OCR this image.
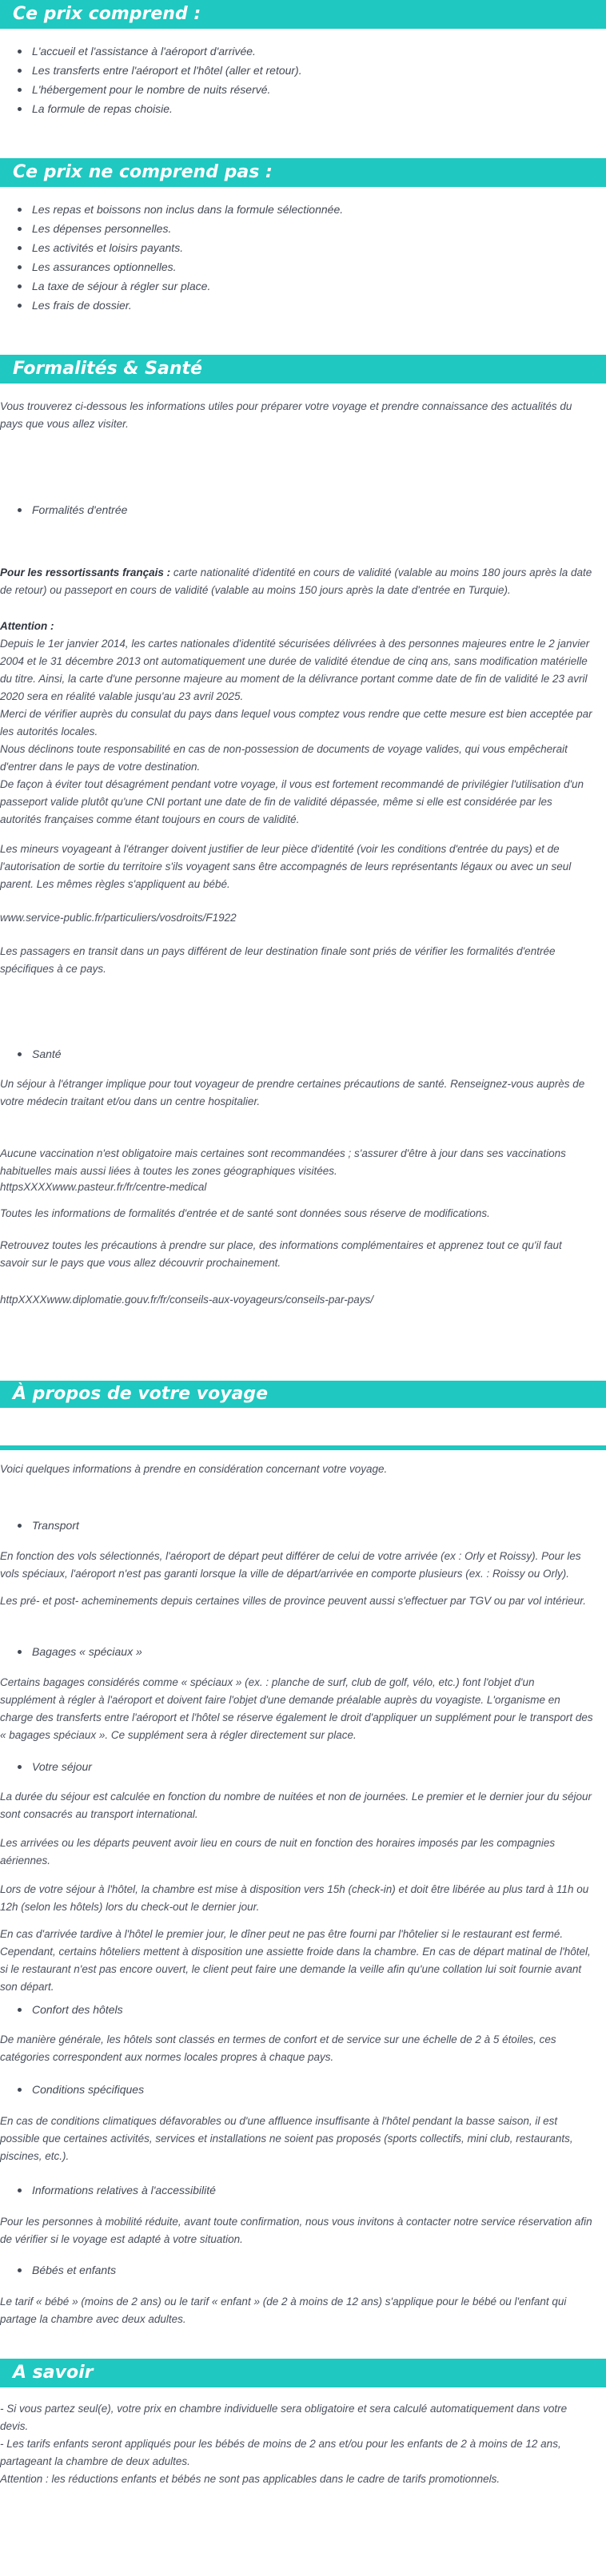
Ce prix comprend :
L'accueil et l'assistance à l'aéroport d'arrivée.
Les transferts entre l'aéroport et l'hôtel (aller et retour).
L'hébergement pour le nombre de nuits réservé.
La formule de repas choisie.
Ce prix ne comprend pas :
Les repas et boissons non inclus dans la formule sélectionnée.
Les dépenses personnelles.
Les activités et loisirs payants.
Les assurances optionnelles.
La taxe de séjour à régler sur place.
Les frais de dossier.
Formalités & Santé

Vous trouverez ci-dessous les informations utiles pour préparer votre voyage et prendre connaissance des actualités du pays que vous allez visiter.

Formalités d'entrée

Pour les ressortissants français : carte nationalité d'identité en cours de validité (valable au moins 180 jours après la date de retour) ou passeport en cours de validité (valable au moins 150 jours après la date d'entrée en Turquie).

Attention :
Depuis le 1er janvier 2014, les cartes nationales d'identité sécurisées délivrées à des personnes majeures entre le 2 janvier 2004 et le 31 décembre 2013 ont automatiquement une durée de validité étendue de cinq ans, sans modification matérielle du titre. Ainsi, la carte d'une personne majeure au moment de la délivrance portant comme date de fin de validité le 23 avril 2020 sera en réalité valable jusqu'au 23 avril 2025.
Merci de vérifier auprès du consulat du pays dans lequel vous comptez vous rendre que cette mesure est bien acceptée par les autorités locales.
Nous déclinons toute responsabilité en cas de non-possession de documents de voyage valides, qui vous empêcherait d'entrer dans le pays de votre destination.
De façon à éviter tout désagrément pendant votre voyage, il vous est fortement recommandé de privilégier l'utilisation d'un passeport valide plutôt qu'une CNI portant une date de fin de validité dépassée, même si elle est considérée par les autorités françaises comme étant toujours en cours de validité.

Les mineurs voyageant à l'étranger doivent justifier de leur pièce d'identité (voir les conditions d'entrée du pays) et de l'autorisation de sortie du territoire s'ils voyagent sans être accompagnés de leurs représentants légaux ou avec un seul parent. Les mêmes règles s'appliquent au bébé.

www.service-public.fr/particuliers/vosdroits/F1922

Les passagers en transit dans un pays différent de leur destination finale sont priés de vérifier les formalités d'entrée spécifiques à ce pays.

Santé

Un séjour à l'étranger implique pour tout voyageur de prendre certaines précautions de santé. Renseignez-vous auprès de votre médecin traitant et/ou dans un centre hospitalier.

Aucune vaccination n'est obligatoire mais certaines sont recommandées ; s'assurer d'être à jour dans ses vaccinations habituelles mais aussi liées à toutes les zones géographiques visitées.

httpsXXXXwww.pasteur.fr/fr/centre-medical

Toutes les informations de formalités d'entrée et de santé sont données sous réserve de modifications.

Retrouvez toutes les précautions à prendre sur place, des informations complémentaires et apprenez tout ce qu'il faut savoir sur le pays que vous allez découvrir prochainement.

httpXXXXwww.diplomatie.gouv.fr/fr/conseils-aux-voyageurs/conseils-par-pays/

À propos de votre voyage

Voici quelques informations à prendre en considération concernant votre voyage.

Transport

En fonction des vols sélectionnés, l'aéroport de départ peut différer de celui de votre arrivée (ex : Orly et Roissy). Pour les vols spéciaux, l'aéroport n'est pas garanti lorsque la ville de départ/arrivée en comporte plusieurs (ex. : Roissy ou Orly).

Les pré- et post- acheminements depuis certaines villes de province peuvent aussi s'effectuer par TGV ou par vol intérieur.

Bagages « spéciaux »

Certains bagages considérés comme « spéciaux » (ex. : planche de surf, club de golf, vélo, etc.) font l'objet d'un supplément à régler à l'aéroport et doivent faire l'objet d'une demande préalable auprès du voyagiste. L'organisme en charge des transferts entre l'aéroport et l'hôtel se réserve également le droit d'appliquer un supplément pour le transport des « bagages spéciaux ». Ce supplément sera à régler directement sur place.

Votre séjour

La durée du séjour est calculée en fonction du nombre de nuitées et non de journées. Le premier et le dernier jour du séjour sont consacrés au transport international.

Les arrivées ou les départs peuvent avoir lieu en cours de nuit en fonction des horaires imposés par les compagnies aériennes.

Lors de votre séjour à l'hôtel, la chambre est mise à disposition vers 15h (check-in) et doit être libérée au plus tard à 11h ou 12h (selon les hôtels) lors du check-out le dernier jour.

En cas d'arrivée tardive à l'hôtel le premier jour, le dîner peut ne pas être fourni par l'hôtelier si le restaurant est fermé. Cependant, certains hôteliers mettent à disposition une assiette froide dans la chambre. En cas de départ matinal de l'hôtel, si le restaurant n'est pas encore ouvert, le client peut faire une demande la veille afin qu'une collation lui soit fournie avant son départ.

Confort des hôtels

De manière générale, les hôtels sont classés en termes de confort et de service sur une échelle de 2 à 5 étoiles, ces catégories correspondent aux normes locales propres à chaque pays.

Conditions spécifiques

En cas de conditions climatiques défavorables ou d'une affluence insuffisante à l'hôtel pendant la basse saison, il est possible que certaines activités, services et installations ne soient pas proposés (sports collectifs, mini club, restaurants, piscines, etc.).

Informations relatives à l'accessibilité

Pour les personnes à mobilité réduite, avant toute confirmation, nous vous invitons à contacter notre service réservation afin de vérifier si le voyage est adapté à votre situation.

Bébés et enfants

Le tarif « bébé » (moins de 2 ans) ou le tarif « enfant » (de 2 à moins de 12 ans) s'applique pour le bébé ou l'enfant qui partage la chambre avec deux adultes.

A savoir
- Si vous partez seul(e), votre prix en chambre individuelle sera obligatoire et sera calculé automatiquement dans votre devis.
- Les tarifs enfants seront appliqués pour les bébés de moins de 2 ans et/ou pour les enfants de 2 à moins de 12 ans, partageant la chambre de deux adultes.
Attention : les réductions enfants et bébés ne sont pas applicables dans le cadre de tarifs promotionnels.
